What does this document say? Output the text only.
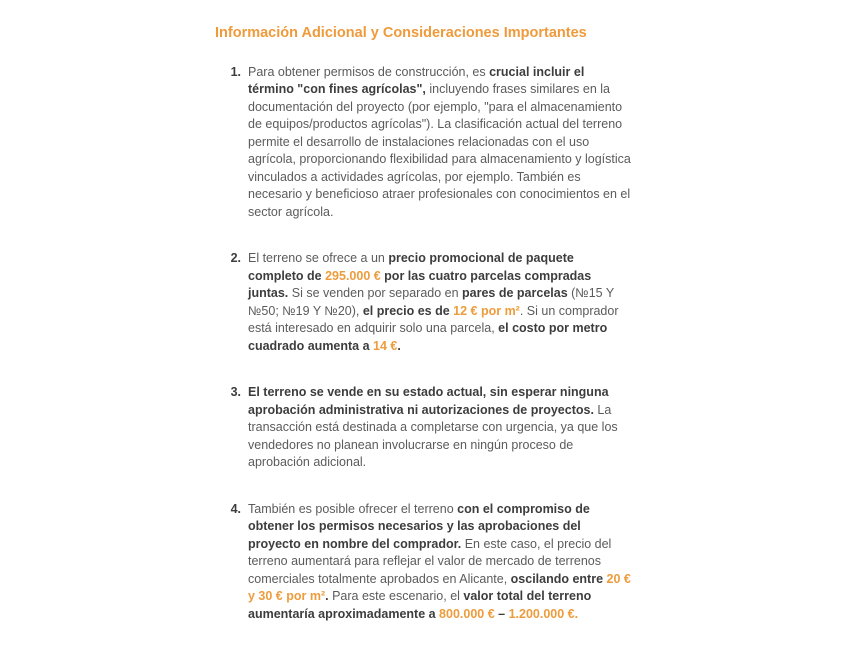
Información Adicional y Consideraciones Importantes
1. Para obtener permisos de construcción, es crucial incluir el término "con fines agrícolas", incluyendo frases similares en la documentación del proyecto (por ejemplo, "para el almacenamiento de equipos/productos agrícolas"). La clasificación actual del terreno permite el desarrollo de instalaciones relacionadas con el uso agrícola, proporcionando flexibilidad para almacenamiento y logística vinculados a actividades agrícolas, por ejemplo. También es necesario y beneficioso atraer profesionales con conocimientos en el sector agrícola.
2. El terreno se ofrece a un precio promocional de paquete completo de 295.000 € por las cuatro parcelas compradas juntas. Si se venden por separado en pares de parcelas (№15 Y №50; №19 Y №20), el precio es de 12 € por m². Si un comprador está interesado en adquirir solo una parcela, el costo por metro cuadrado aumenta a 14 €.
3. El terreno se vende en su estado actual, sin esperar ninguna aprobación administrativa ni autorizaciones de proyectos. La transacción está destinada a completarse con urgencia, ya que los vendedores no planean involucrarse en ningún proceso de aprobación adicional.
4. También es posible ofrecer el terreno con el compromiso de obtener los permisos necesarios y las aprobaciones del proyecto en nombre del comprador. En este caso, el precio del terreno aumentará para reflejar el valor de mercado de terrenos comerciales totalmente aprobados en Alicante, oscilando entre 20 € y 30 € por m². Para este escenario, el valor total del terreno aumentaría aproximadamente a 800.000 € – 1.200.000 €.
